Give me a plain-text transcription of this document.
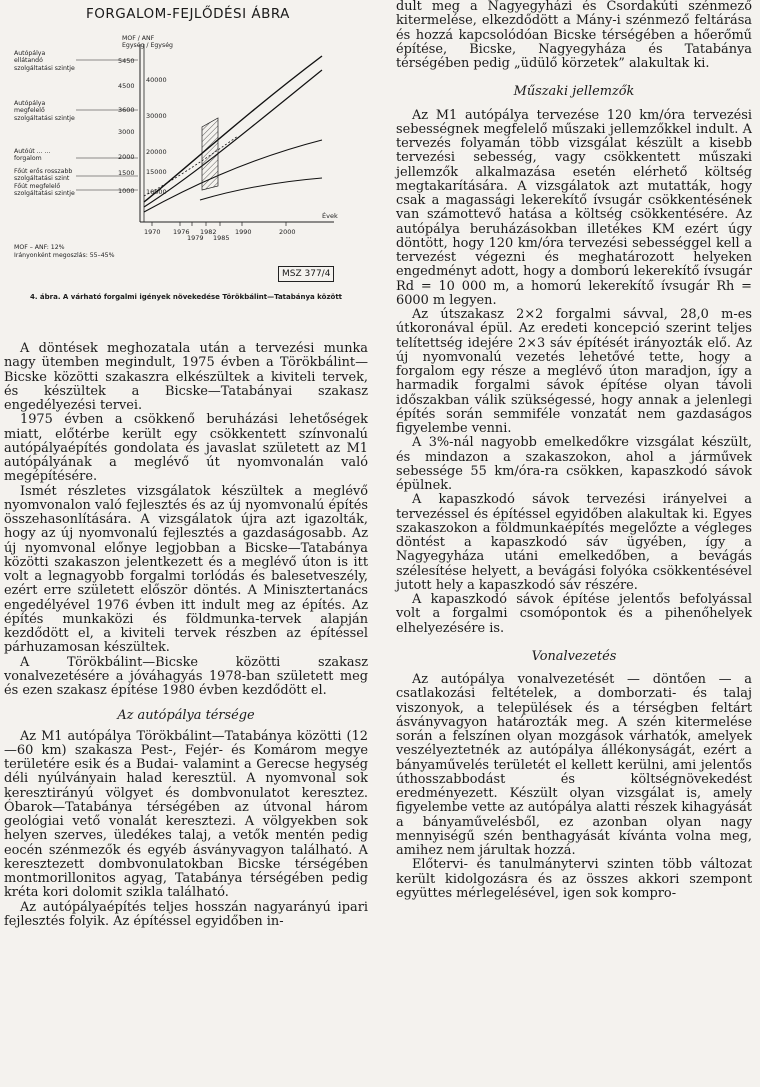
FORGALOM-FEJLŐDÉSI ÁBRA
Autópálya ellátandó szolgáltatási szintje
Autópálya megfelelő szolgáltatási szintje
Autóút ... ... forgalom
Főút erős rosszabb szolgáltatási szint
Főút megfelelő szolgáltatási szintje
MOF / ANF
Egység / Egység
5450
4500
3600
3000
2000
1500
1000
40000
30000
20000
15000
10000
1970 1976
1979
1982
1985
1990	2000
Évek
MOF – ANF: 12%
Irányonként megoszlás: 55–45%
MSZ 377/4
4. ábra. A várható forgalmi igények növekedése Törökbálint—Tatabánya között

A döntések meghozatala után a tervezési munka nagy ütemben megindult, 1975 évben a Törökbálint—Bicske közötti szakaszra elkészültek a kiviteli tervek, és készültek a Bicske—Tatabányai szakasz engedélyezési tervei.

1975 évben a csökkenő beruházási lehetőségek miatt, előtérbe került egy csökkentett színvonalú autópályaépítés gondolata és javaslat született az M1 autópályának a meglévő út nyomvonalán való megépítésére.

Ismét részletes vizsgálatok készültek a meglévő nyomvonalon való fejlesztés és az új nyomvonalú építés összehasonlítására. A vizsgálatok újra azt igazolták, hogy az új nyomvonalú fejlesztés a gazdaságosabb. Az új nyomvonal előnye legjobban a Bicske—Tatabánya közötti szakaszon jelentkezett és a meglévő úton is itt volt a legnagyobb forgalmi torlódás és balesetveszély, ezért erre született először döntés. A Minisztertanács engedélyével 1976 évben itt indult meg az építés. Az építés munkaközi és földmunka-tervek alapján kezdődött el, a kiviteli tervek részben az építéssel párhuzamosan készültek.

A Törökbálint—Bicske közötti szakasz vonalvezetésére a jóváhagyás 1978-ban született meg és ezen szakasz építése 1980 évben kezdődött el.

Az autópálya térsége

Az M1 autópálya Törökbálint—Tatabánya közötti (12—60 km) szakasza Pest-, Fejér- és Komárom megye területére esik és a Budai- valamint a Gerecse hegység déli nyúlványain halad keresztül. A nyomvonal sok keresztirányú völgyet és dombvonulatot keresztez. Óbarok—Tatabánya térségében az útvonal három geológiai vető vonalát keresztezi. A völgyekben sok helyen szerves, üledékes talaj, a vetők mentén pedig eocén szénmezők és egyéb ásványvagyon található. A keresztezett dombvonulatokban Bicske térségében montmorillonitos agyag, Tatabánya térségében pedig kréta kori dolomit szikla található.

Az autópályaépítés teljes hosszán nagyarányú ipari fejlesztés folyik. Az építéssel egyidőben in-

dult meg a Nagyegyházi és Csordakúti szénmező kitermelése, elkezdődött a Mány-i szénmező feltárása és hozzá kapcsolódóan Bicske térségében a hőerőmű építése, Bicske, Nagyegyháza és Tatabánya térségében pedig „üdülő körzetek” alakultak ki.

Műszaki jellemzők

Az M1 autópálya tervezése 120 km/óra tervezési sebességnek megfelelő műszaki jellemzőkkel indult. A tervezés folyamán több vizsgálat készült a kisebb tervezési sebesség, vagy csökkentett műszaki jellemzők alkalmazása esetén elérhető költség megtakarítására. A vizsgálatok azt mutatták, hogy csak a magassági lekerekítő ívsugár csökkentésének van számottevő hatása a költség csökkentésére. Az autópálya beruházásokban illetékes KM ezért úgy döntött, hogy 120 km/óra tervezési sebességgel kell a tervezést végezni és meghatározott helyeken engedményt adott, hogy a domború lekerekítő ívsugár Rd = 10 000 m, a homorú lekerekítő ívsugár Rh = 6000 m legyen.

Az útszakasz 2×2 forgalmi sávval, 28,0 m-es útkoronával épül. Az eredeti koncepció szerint teljes telítettség idejére 2×3 sáv építését irányozták elő. Az új nyomvonalú vezetés lehetővé tette, hogy a forgalom egy része a meglévő úton maradjon, így a harmadik forgalmi sávok építése olyan távoli időszakban válik szükségessé, hogy annak a jelenlegi építés során semmiféle vonzatát nem gazdaságos figyelembe venni.

A 3%-nál nagyobb emelkedőkre vizsgálat készült, és mindazon a szakaszokon, ahol a járművek sebessége 55 km/óra-ra csökken, kapaszkodó sávok épülnek.

A kapaszkodó sávok tervezési irányelvei a tervezéssel és építéssel egyidőben alakultak ki. Egyes szakaszokon a földmunkaépítés megelőzte a végleges döntést a kapaszkodó sáv ügyében, így a Nagyegyháza utáni emelkedőben, a bevágás szélesítése helyett, a bevágási folyóka csökkentésével jutott hely a kapaszkodó sáv részére.

A kapaszkodó sávok építése jelentős befolyással volt a forgalmi csomópontok és a pihenőhelyek elhelyezésére is.

Vonalvezetés

Az autópálya vonalvezetését — döntően — a csatlakozási feltételek, a domborzati- és talaj viszonyok, a települések és a térségben feltárt ásványvagyon határozták meg. A szén kitermelése során a felszínen olyan mozgások várhatók, amelyek veszélyeztetnék az autópálya állékonyságát, ezért a bányaművelés területét el kellett kerülni, ami jelentős úthosszabbodást és költségnövekedést eredményezett. Készült olyan vizsgálat is, amely figyelembe vette az autópálya alatti részek kihagyását a bányaművelésből, ez azonban olyan nagy mennyiségű szén benthagyását kívánta volna meg, amihez nem járultak hozzá.

Előtervi- és tanulmánytervi szinten több változat került kidolgozásra és az összes akkori szempont együttes mérlegelésével, igen sok kompro-
